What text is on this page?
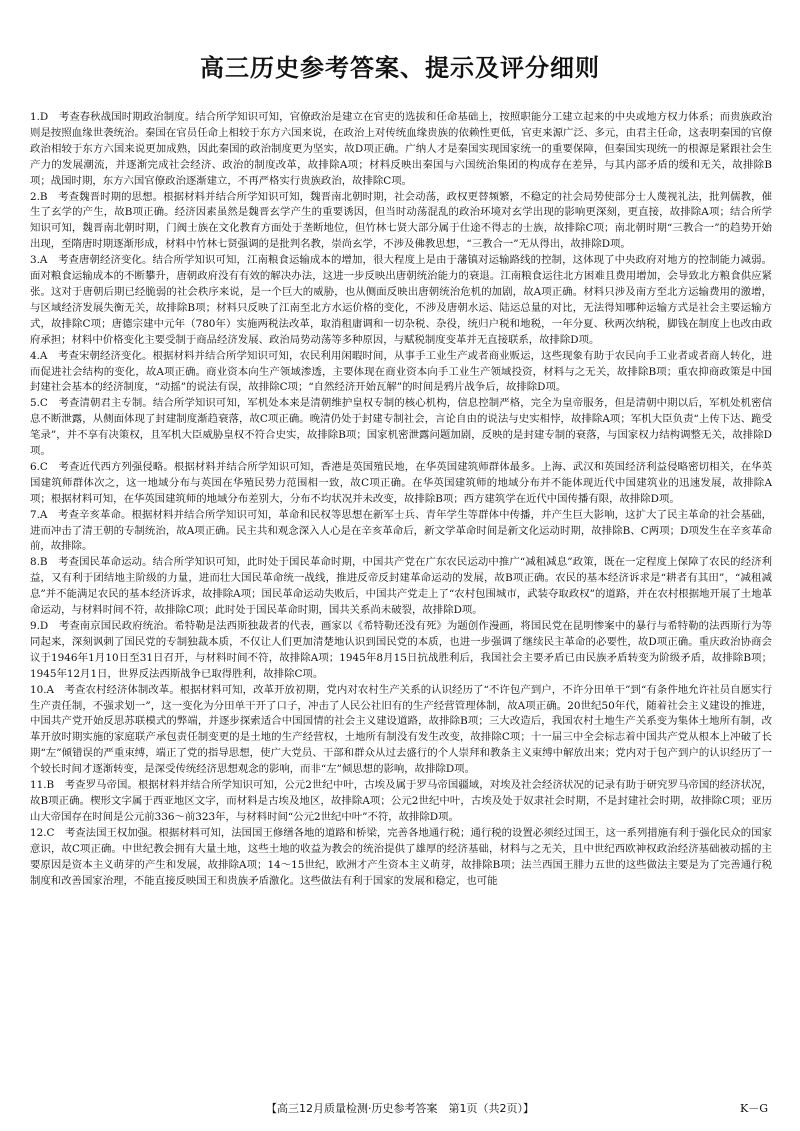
高三历史参考答案、提示及评分细则

1.D　考查春秋战国时期政治制度。结合所学知识可知，官僚政治是建立在官吏的选拔和任命基础上，按照职能分工建立起来的中央或地方权力体系；而贵族政治则是按照血缘世袭统治。秦国在官员任命上相较于东方六国来说，在政治上对传统血缘贵族的依赖性更低，官吏来源广泛、多元，由君主任命，这表明秦国的官僚政治相较于东方六国来说更加成熟，因此秦国的政治制度更为坚实，故D项正确。广纳人才是秦国实现国家统一的重要保障，但秦国实现统一的根源是紧跟社会生产力的发展潮流，并逐渐完成社会经济、政治的制度改革，故排除A项；材料反映出秦国与六国统治集团的构成存在差异，与其内部矛盾的缓和无关，故排除B项；战国时期，东方六国官僚政治逐渐建立，不再严格实行贵族政治，故排除C项。

2.B　考查魏晋时期的思想。根据材料并结合所学知识可知，魏晋南北朝时期，社会动荡，政权更替频繁，不稳定的社会局势使部分士人蔑视礼法，批判儒教，催生了玄学的产生，故B项正确。经济因素虽然是魏晋玄学产生的重要诱因，但当时动荡混乱的政治环境对玄学出现的影响更深刻，更直接，故排除A项；结合所学知识可知，魏晋南北朝时期，门阀士族在文化教育方面处于垄断地位，但竹林七贤大部分属于仕途不得志的士族，故排除C项；南北朝时期“三教合一”的趋势开始出现，至隋唐时期逐渐形成，材料中竹林七贤强调的是批判名教，崇尚玄学，不涉及佛教思想，“三教合一”无从得出，故排除D项。

3.A　考查唐朝经济变化。结合所学知识可知，江南粮食运输成本的增加，很大程度上是由于藩镇对运输路线的控制，这体现了中央政府对地方的控制能力减弱。面对粮食运输成本的不断攀升，唐朝政府没有有效的解决办法，这进一步反映出唐朝统治能力的衰退。江南粮食运往北方困难且费用增加，会导致北方粮食供应紧张。这对于唐朝后期已经脆弱的社会秩序来说，是一个巨大的威胁，也从侧面反映出唐朝统治危机的加剧，故A项正确。材料只涉及南方至北方运输费用的激增，与区域经济发展失衡无关，故排除B项；材料只反映了江南至北方水运价格的变化，不涉及唐朝水运、陆运总量的对比，无法得知哪种运输方式是社会主要运输方式，故排除C项；唐德宗建中元年（780年）实施两税法改革，取消租庸调和一切杂税、杂役，统归户税和地税，一年分夏、秋两次纳税，脚钱在制度上也改由政府承担；材料中价格变化主要受制于商品经济发展、政治局势动荡等多种原因，与赋税制度变革并无直接联系，故排除D项。

4.A　考查宋朝经济变化。根据材料并结合所学知识可知，农民利用闲暇时间，从事手工业生产或者商业贩运，这些现象有助于农民向手工业者或者商人转化，进而促进社会结构的变化，故A项正确。商业资本向生产领域渗透，主要体现在商业资本向手工业生产领域投资，材料与之无关，故排除B项；重农抑商政策是中国封建社会基本的经济制度，“动摇”的说法有误，故排除C项；“自然经济开始瓦解”的时间是鸦片战争后，故排除D项。

5.C　考查清朝君主专制。结合所学知识可知，军机处本来是清朝维护皇权专制的核心机构，信息控制严格，完全为皇帝服务，但是清朝中期以后，军机处机密信息不断泄露，从侧面体现了封建制度渐趋衰落，故C项正确。晚清仍处于封建专制社会，言论自由的说法与史实相悖，故排除A项；军机大臣负责“上传下达、跪受笔录”，并不享有决策权，且军机大臣威胁皇权不符合史实，故排除B项；国家机密泄露问题加剧，反映的是封建专制的衰落，与国家权力结构调整无关，故排除D项。

6.C　考查近代西方列强侵略。根据材料并结合所学知识可知，香港是英国殖民地，在华英国建筑师群体最多。上海、武汉和英国经济利益侵略密切相关，在华英国建筑师群体次之，这一地域分布与英国在华殖民势力范围相一致，故C项正确。在华英国建筑师的地域分布并不能体现近代中国建筑业的迅速发展，故排除A项；根据材料可知，在华英国建筑师的地域分布差别大，分布不均状况并未改变，故排除B项；西方建筑学在近代中国传播有限，故排除D项。

7.A　考查辛亥革命。根据材料并结合所学知识可知，革命和民权等思想在新军士兵、青年学生等群体中传播，并产生巨大影响，这扩大了民主革命的社会基础，进而冲击了清王朝的专制统治，故A项正确。民主共和观念深入人心是在辛亥革命后，新文学革命时间是新文化运动时期，故排除B、C两项；D项发生在辛亥革命前，故排除。

8.B　考查国民革命运动。结合所学知识可知，此时处于国民革命时期，中国共产党在广东农民运动中推广“减租减息”政策，既在一定程度上保障了农民的经济利益，又有利于团结地主阶级的力量，进而壮大国民革命统一战线，推进反帝反封建革命运动的发展，故B项正确。农民的基本经济诉求是“耕者有其田”，“减租减息”并不能满足农民的基本经济诉求，故排除A项；国民革命运动失败后，中国共产党走上了“农村包围城市，武装夺取政权”的道路，并在农村根据地开展了土地革命运动，与材料时间不符，故排除C项；此时处于国民革命时期，国共关系尚未破裂，故排除D项。

9.D　考查南京国民政府统治。希特勒是法西斯独裁者的代表，画家以《希特勒还没有死》为题创作漫画，将国民党在昆明惨案中的暴行与希特勒的法西斯行为等同起来，深刻讽刺了国民党的专制独裁本质，不仅让人们更加清楚地认识到国民党的本质，也进一步强调了继续民主革命的必要性，故D项正确。重庆政治协商会议于1946年1月10日至31日召开，与材料时间不符，故排除A项；1945年8月15日抗战胜利后，我国社会主要矛盾已由民族矛盾转变为阶级矛盾，故排除B项；1945年12月1日，世界反法西斯战争已取得胜利，故排除C项。

10.A　考查农村经济体制改革。根据材料可知，改革开放初期，党内对农村生产关系的认识经历了“不许包产到户，不许分田单干”到“有条件地允许社员自愿实行生产责任制，不强求划一”，这一变化为分田单干开了口子，冲击了人民公社旧有的生产经营管理体制，故A项正确。20世纪50年代，随着社会主义建设的推进，中国共产党开始反思苏联模式的弊端，并逐步探索适合中国国情的社会主义建设道路，故排除B项；三大改造后，我国农村土地生产关系变为集体土地所有制，改革开放时期实施的家庭联产承包责任制变更的是土地的生产经营权，土地所有制没有发生改变，故排除C项；十一届三中全会标志着中国共产党从根本上冲破了长期“左”倾错误的严重束缚，端正了党的指导思想，使广大党员、干部和群众从过去盛行的个人崇拜和教条主义束缚中解放出来；党内对于包产到户的认识经历了一个较长时间才逐渐转变，是深受传统经济思想观念的影响，而非“左”倾思想的影响，故排除D项。

11.B　考查罗马帝国。根据材料并结合所学知识可知，公元2世纪中叶，古埃及属于罗马帝国疆域，对埃及社会经济状况的记录有助于研究罗马帝国的经济状况，故B项正确。楔形文字属于西亚地区文字，而材料是古埃及地区，故排除A项；公元2世纪中叶，古埃及处于奴隶社会时期，不是封建社会时期，故排除C项；亚历山大帝国存在时间是公元前336～前323年，与材料时间“公元2世纪中叶”不符，故排除D项。

12.C　考查法国王权加强。根据材料可知，法国国王修缮各地的道路和桥梁，完善各地通行税；通行税的设置必须经过国王，这一系列措施有利于强化民众的国家意识，故C项正确。中世纪教会拥有大量土地，这些土地的收益为教会的统治提供了雄厚的经济基础，材料与之无关，且中世纪西欧神权政治经济基础被动摇的主要原因是资本主义萌芽的产生和发展，故排除A项；14～15世纪，欧洲才产生资本主义萌芽，故排除B项；法兰西国王腓力五世的这些做法主要是为了完善通行税制度和改善国家治理，不能直接反映国王和贵族矛盾激化。这些做法有利于国家的发展和稳定，也可能

【高三12月质量检测·历史参考答案　第1页（共2页）】	K－G
